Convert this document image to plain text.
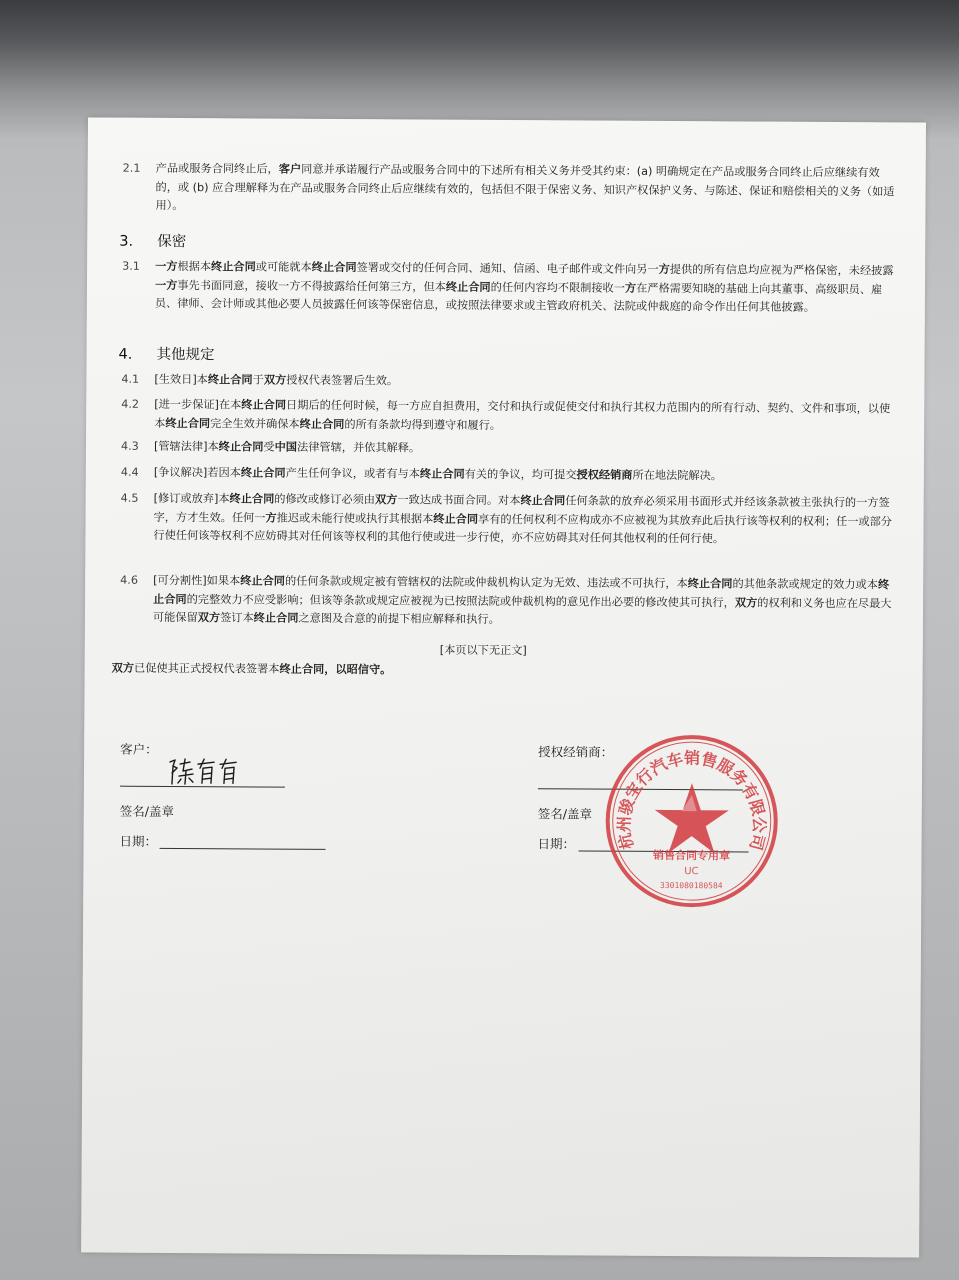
2.1 产品或服务合同终止后，客户同意并承诺履行产品或服务合同中的下述所有相关义务并受其约束：(a) 明确规定在产品或服务合同终止后应继续有效的，或 (b) 应合理解释为在产品或服务合同终止后应继续有效的，包括但不限于保密义务、知识产权保护义务、与陈述、保证和赔偿相关的义务（如适用）。
3. 保密
3.1 一方根据本终止合同或可能就本终止合同签署或交付的任何合同、通知、信函、电子邮件或文件向另一方提供的所有信息均应视为严格保密，未经披露一方事先书面同意，接收一方不得披露给任何第三方，但本终止合同的任何内容均不限制接收一方在严格需要知晓的基础上向其董事、高级职员、雇员、律师、会计师或其他必要人员披露任何该等保密信息，或按照法律要求或主管政府机关、法院或仲裁庭的命令作出任何其他披露。
4. 其他规定
4.1 [生效日]本终止合同于双方授权代表签署后生效。
4.2 [进一步保证]在本终止合同日期后的任何时候，每一方应自担费用，交付和执行或促使交付和执行其权力范围内的所有行动、契约、文件和事项，以使本终止合同完全生效并确保本终止合同的所有条款均得到遵守和履行。
4.3 [管辖法律]本终止合同受中国法律管辖，并依其解释。
4.4 [争议解决]若因本终止合同产生任何争议，或者有与本终止合同有关的争议，均可提交授权经销商所在地法院解决。
4.5 [修订或放弃]本终止合同的修改或修订必须由双方一致达成书面合同。对本终止合同任何条款的放弃必须采用书面形式并经该条款被主张执行的一方签字，方才生效。任何一方推迟或未能行使或执行其根据本终止合同享有的任何权利不应构成亦不应被视为其放弃此后执行该等权利的权利；任一或部分行使任何该等权利不应妨碍其对任何该等权利的其他行使或进一步行使，亦不应妨碍其对任何其他权利的任何行使。
4.6 [可分割性]如果本终止合同的任何条款或规定被有管辖权的法院或仲裁机构认定为无效、违法或不可执行，本终止合同的其他条款或规定的效力或本终止合同的完整效力不应受影响；但该等条款或规定应被视为已按照法院或仲裁机构的意见作出必要的修改使其可执行，双方的权利和义务也应在尽最大可能保留双方签订本终止合同之意图及合意的前提下相应解释和执行。
[本页以下无正文]
双方已促使其正式授权代表签署本终止合同，以昭信守。
客户：	陈有有
签名/盖章
日期：
授权经销商：
签名/盖章
日期： 杭州骏宝行汽车销售服务有限公司
销售合同专用章
UC
3301080180584
